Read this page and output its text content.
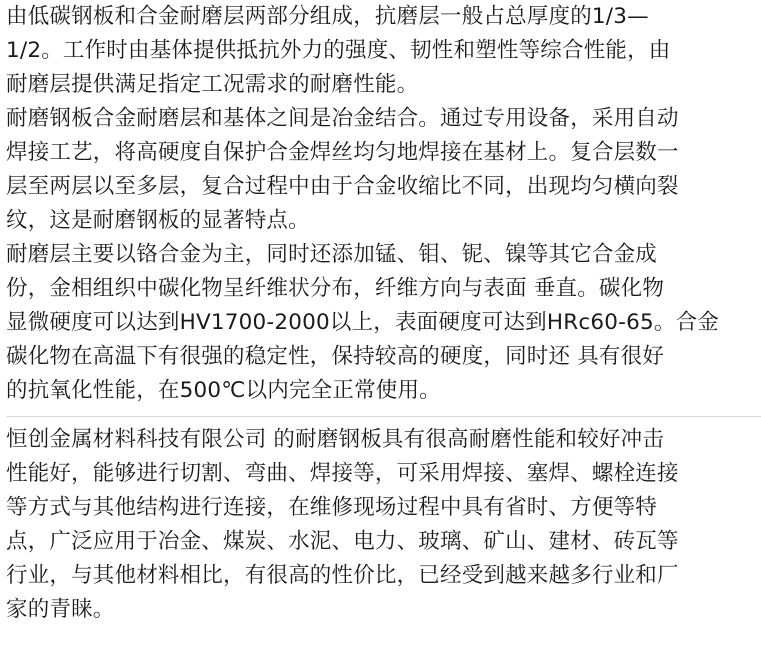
由低碳钢板和合金耐磨层两部分组成，抗磨层一般占总厚度的1/3—
1/2。工作时由基体提供抵抗外力的强度、韧性和塑性等综合性能，由
耐磨层提供满足指定工况需求的耐磨性能。
耐磨钢板合金耐磨层和基体之间是冶金结合。通过专用设备，采用自动
焊接工艺，将高硬度自保护合金焊丝均匀地焊接在基材上。复合层数一
层至两层以至多层，复合过程中由于合金收缩比不同，出现均匀横向裂
纹，这是耐磨钢板的显著特点。
耐磨层主要以铬合金为主，同时还添加锰、钼、铌、镍等其它合金成
份，金相组织中碳化物呈纤维状分布，纤维方向与表面 垂直。碳化物
显微硬度可以达到HV1700-2000以上，表面硬度可达到HRc60-65。合金
碳化物在高温下有很强的稳定性，保持较高的硬度，同时还 具有很好
的抗氧化性能，在500℃以内完全正常使用。
恒创金属材料科技有限公司 的耐磨钢板具有很高耐磨性能和较好冲击
性能好，能够进行切割、弯曲、焊接等，可采用焊接、塞焊、螺栓连接
等方式与其他结构进行连接，在维修现场过程中具有省时、方便等特
点，广泛应用于冶金、煤炭、水泥、电力、玻璃、矿山、建材、砖瓦等
行业，与其他材料相比，有很高的性价比，已经受到越来越多行业和厂
家的青睐。
